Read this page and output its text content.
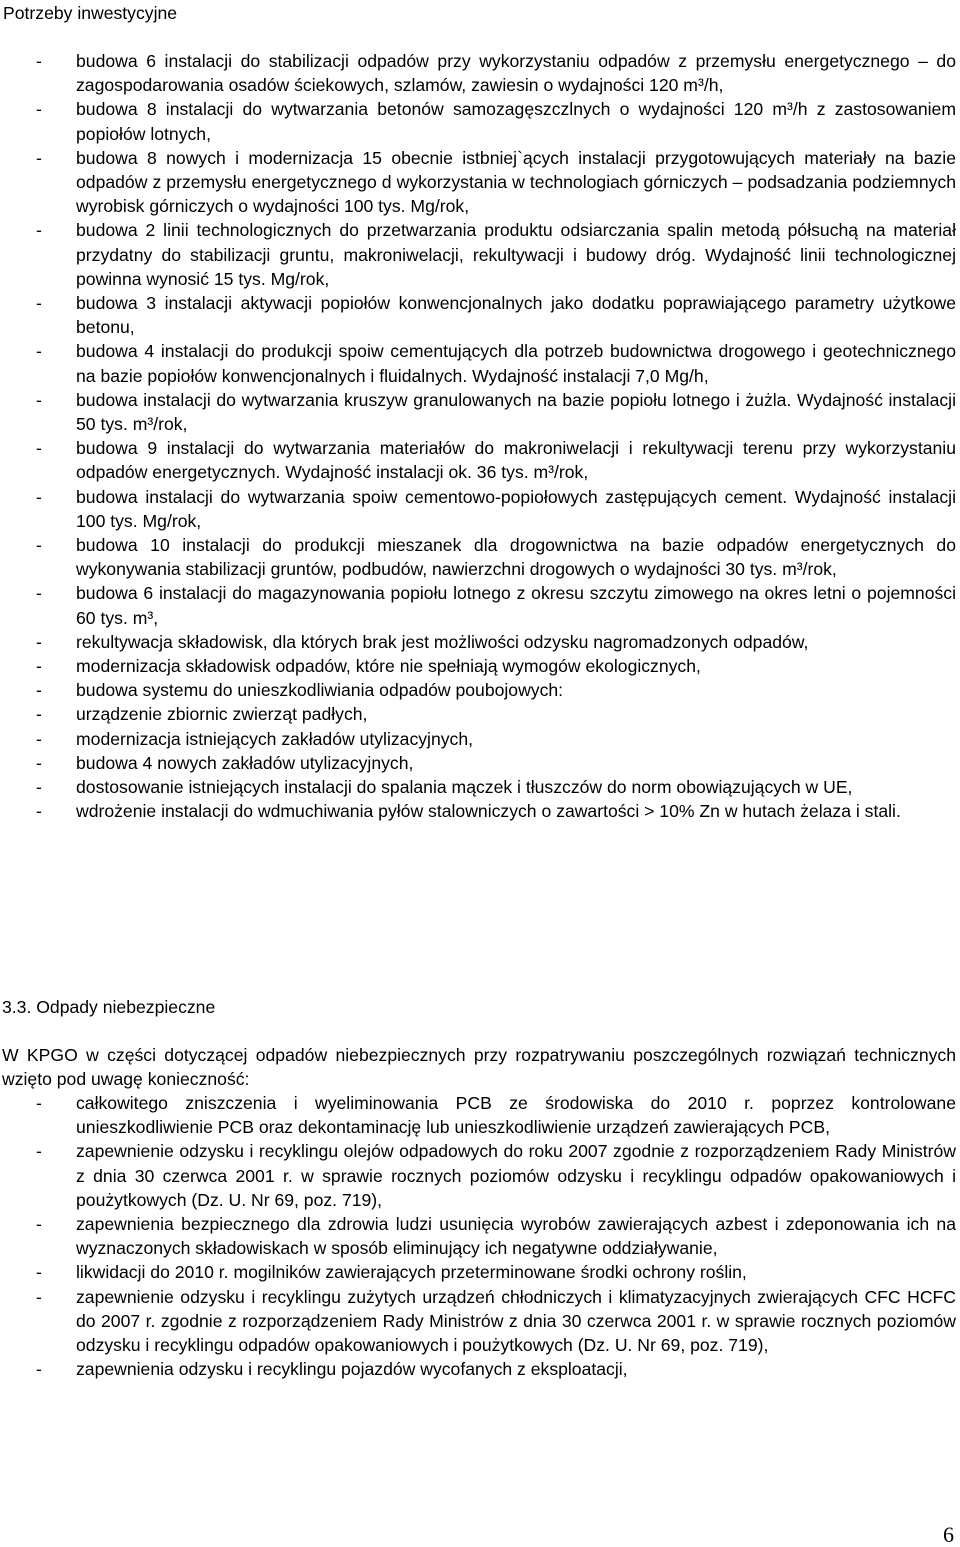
Potrzeby inwestycyjne
- budowa 6 instalacji do stabilizacji odpadów przy wykorzystaniu odpadów z przemysłu energetycznego – do zagospodarowania osadów ściekowych, szlamów, zawiesin o wydajności 120 m³/h,
- budowa 8 instalacji do wytwarzania betonów samozagęszczlnych o wydajności 120 m³/h z zastosowaniem popiołów lotnych,
- budowa 8 nowych i modernizacja 15 obecnie istbniej`ących instalacji przygotowujących materiały na bazie odpadów z przemysłu energetycznego d wykorzystania w technologiach górniczych – podsadzania podziemnych wyrobisk górniczych o wydajności 100 tys. Mg/rok,
- budowa 2 linii technologicznych do przetwarzania produktu odsiarczania spalin metodą półsuchą na materiał przydatny do stabilizacji gruntu, makroniwelacji, rekultywacji i budowy dróg. Wydajność linii technologicznej powinna wynosić 15 tys. Mg/rok,
- budowa 3 instalacji aktywacji popiołów konwencjonalnych jako dodatku poprawiającego parametry użytkowe betonu,
- budowa 4 instalacji do produkcji spoiw cementujących dla potrzeb budownictwa drogowego i geotechnicznego na bazie popiołów konwencjonalnych i fluidalnych. Wydajność instalacji 7,0 Mg/h,
- budowa instalacji do wytwarzania kruszyw granulowanych na bazie popiołu lotnego i żużla. Wydajność instalacji 50 tys. m³/rok,
- budowa 9 instalacji do wytwarzania materiałów do makroniwelacji i rekultywacji terenu przy wykorzystaniu odpadów energetycznych. Wydajność instalacji ok. 36 tys. m³/rok,
- budowa instalacji do wytwarzania spoiw cementowo-popiołowych zastępujących cement. Wydajność instalacji 100 tys. Mg/rok,
- budowa 10 instalacji do produkcji mieszanek dla drogownictwa na bazie odpadów energetycznych do wykonywania stabilizacji gruntów, podbudów, nawierzchni drogowych o wydajności 30 tys. m³/rok,
- budowa 6 instalacji do magazynowania popiołu lotnego z okresu szczytu zimowego na okres letni o pojemności 60 tys. m³,
- rekultywacja składowisk, dla których brak jest możliwości odzysku nagromadzonych odpadów,
- modernizacja składowisk odpadów, które nie spełniają wymogów ekologicznych,
- budowa systemu do unieszkodliwiania odpadów poubojowych:
- urządzenie zbiornic zwierząt padłych,
- modernizacja istniejących zakładów utylizacyjnych,
- budowa 4 nowych zakładów utylizacyjnych,
- dostosowanie istniejących instalacji do spalania mączek i tłuszczów do norm obowiązujących w UE,
- wdrożenie instalacji do wdmuchiwania pyłów stalowniczych o zawartości > 10% Zn w hutach żelaza i stali.
3.3. Odpady niebezpieczne

W KPGO w części dotyczącej odpadów niebezpiecznych przy rozpatrywaniu poszczególnych rozwiązań technicznych wzięto pod uwagę konieczność:

- całkowitego zniszczenia i wyeliminowania PCB ze środowiska do 2010 r. poprzez kontrolowane unieszkodliwienie PCB oraz dekontaminację lub unieszkodliwienie urządzeń zawierających PCB,
- zapewnienie odzysku i recyklingu olejów odpadowych do roku 2007 zgodnie z rozporządzeniem Rady Ministrów z dnia 30 czerwca 2001 r. w sprawie rocznych poziomów odzysku i recyklingu odpadów opakowaniowych i poużytkowych (Dz. U. Nr 69, poz. 719),
- zapewnienia bezpiecznego dla zdrowia ludzi usunięcia wyrobów zawierających azbest i zdeponowania ich na wyznaczonych składowiskach w sposób eliminujący ich negatywne oddziaływanie,
- likwidacji do 2010 r. mogilników zawierających przeterminowane środki ochrony roślin,
- zapewnienie odzysku i recyklingu zużytych urządzeń chłodniczych i klimatyzacyjnych zwierających CFC HCFC do 2007 r. zgodnie z rozporządzeniem Rady Ministrów z dnia 30 czerwca 2001 r. w sprawie rocznych poziomów odzysku i recyklingu odpadów opakowaniowych i poużytkowych (Dz. U. Nr 69, poz. 719),
- zapewnienia odzysku i recyklingu pojazdów wycofanych z eksploatacji,
6
